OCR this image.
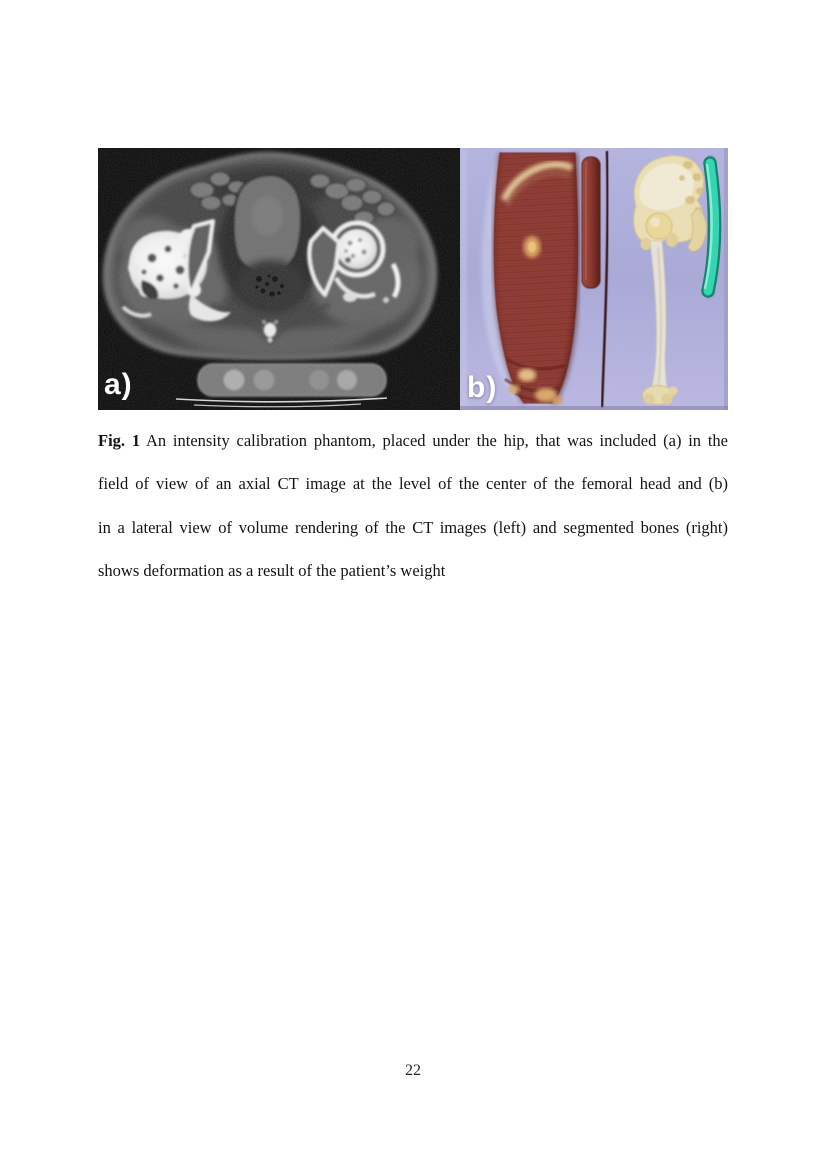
a)	b)
Fig. 1 An intensity calibration phantom, placed under the hip, that was included (a) in the
field of view of an axial CT image at the level of the center of the femoral head and (b)
in a lateral view of volume rendering of the CT images (left) and segmented bones (right)
shows deformation as a result of the patient’s weight
22
